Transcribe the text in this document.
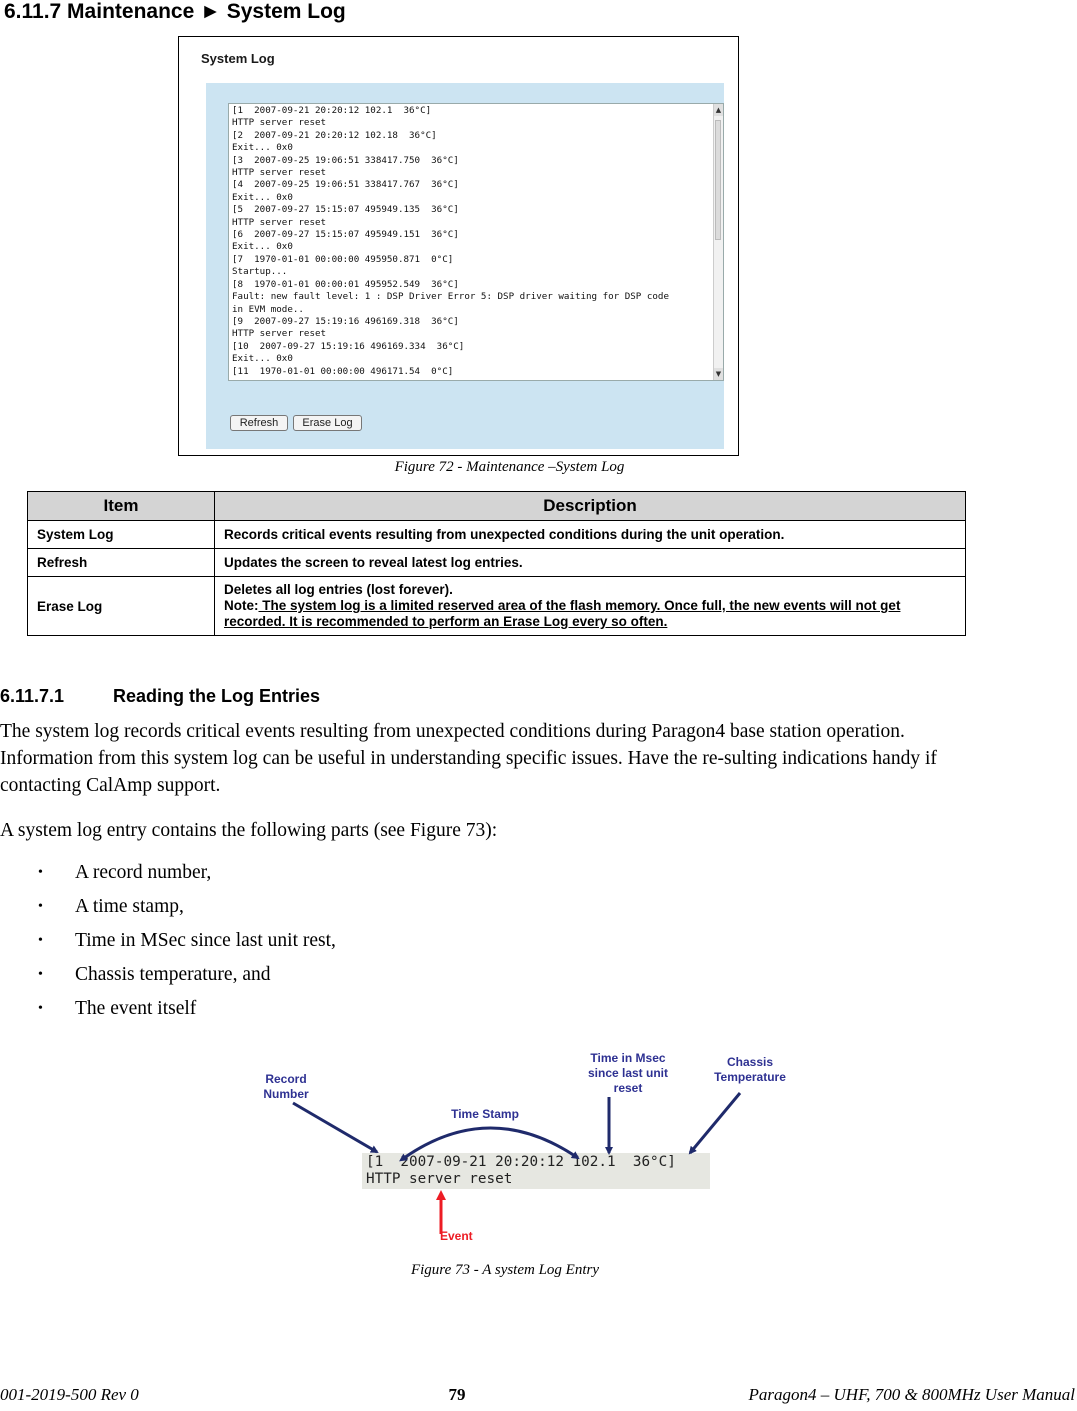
6.11.7 Maintenance ► System Log
System Log
[1  2007-09-21 20:20:12 102.1  36°C]
HTTP server reset
[2  2007-09-21 20:20:12 102.18  36°C]
Exit... 0x0
[3  2007-09-25 19:06:51 338417.750  36°C]
HTTP server reset
[4  2007-09-25 19:06:51 338417.767  36°C]
Exit... 0x0
[5  2007-09-27 15:15:07 495949.135  36°C]
HTTP server reset
[6  2007-09-27 15:15:07 495949.151  36°C]
Exit... 0x0
[7  1970-01-01 00:00:00 495950.871  0°C]
Startup...
[8  1970-01-01 00:00:01 495952.549  36°C]
Fault: new fault level: 1 : DSP Driver Error 5: DSP driver waiting for DSP code
in EVM mode..
[9  2007-09-27 15:19:16 496169.318  36°C]
HTTP server reset
[10  2007-09-27 15:19:16 496169.334  36°C]
Exit... 0x0
[11  1970-01-01 00:00:00 496171.54  0°C]
▲
▼
Refresh	Erase Log
Figure 72 - Maintenance –System Log
Item	Description
System Log	Records critical events resulting from unexpected conditions during the unit operation.
Refresh	Updates the screen to reveal latest log entries.
Erase Log	Deletes all log entries (lost forever).
Note: The system log is a limited reserved area of the flash memory. Once full, the new events will not get recorded. It is recommended to perform an Erase Log every so often.
6.11.7.1	Reading the Log Entries
The system log records critical events resulting from unexpected conditions during Paragon4 base station operation. Information from this system log can be useful in understanding specific issues. Have the re-sulting indications handy if contacting CalAmp support.
A system log entry contains the following parts (see Figure 73):
• A record number,
• A time stamp,
• Time in MSec since last unit rest,
• Chassis temperature, and
• The event itself
Record
Number
Time Stamp
Time in Msec
since last unit
reset
Chassis
Temperature
[1  2007-09-21 20:20:12 102.1  36°C]
HTTP server reset
Event
Figure 73 - A system Log Entry
001-2019-500 Rev 0	79	Paragon4 – UHF, 700 & 800MHz User Manual
